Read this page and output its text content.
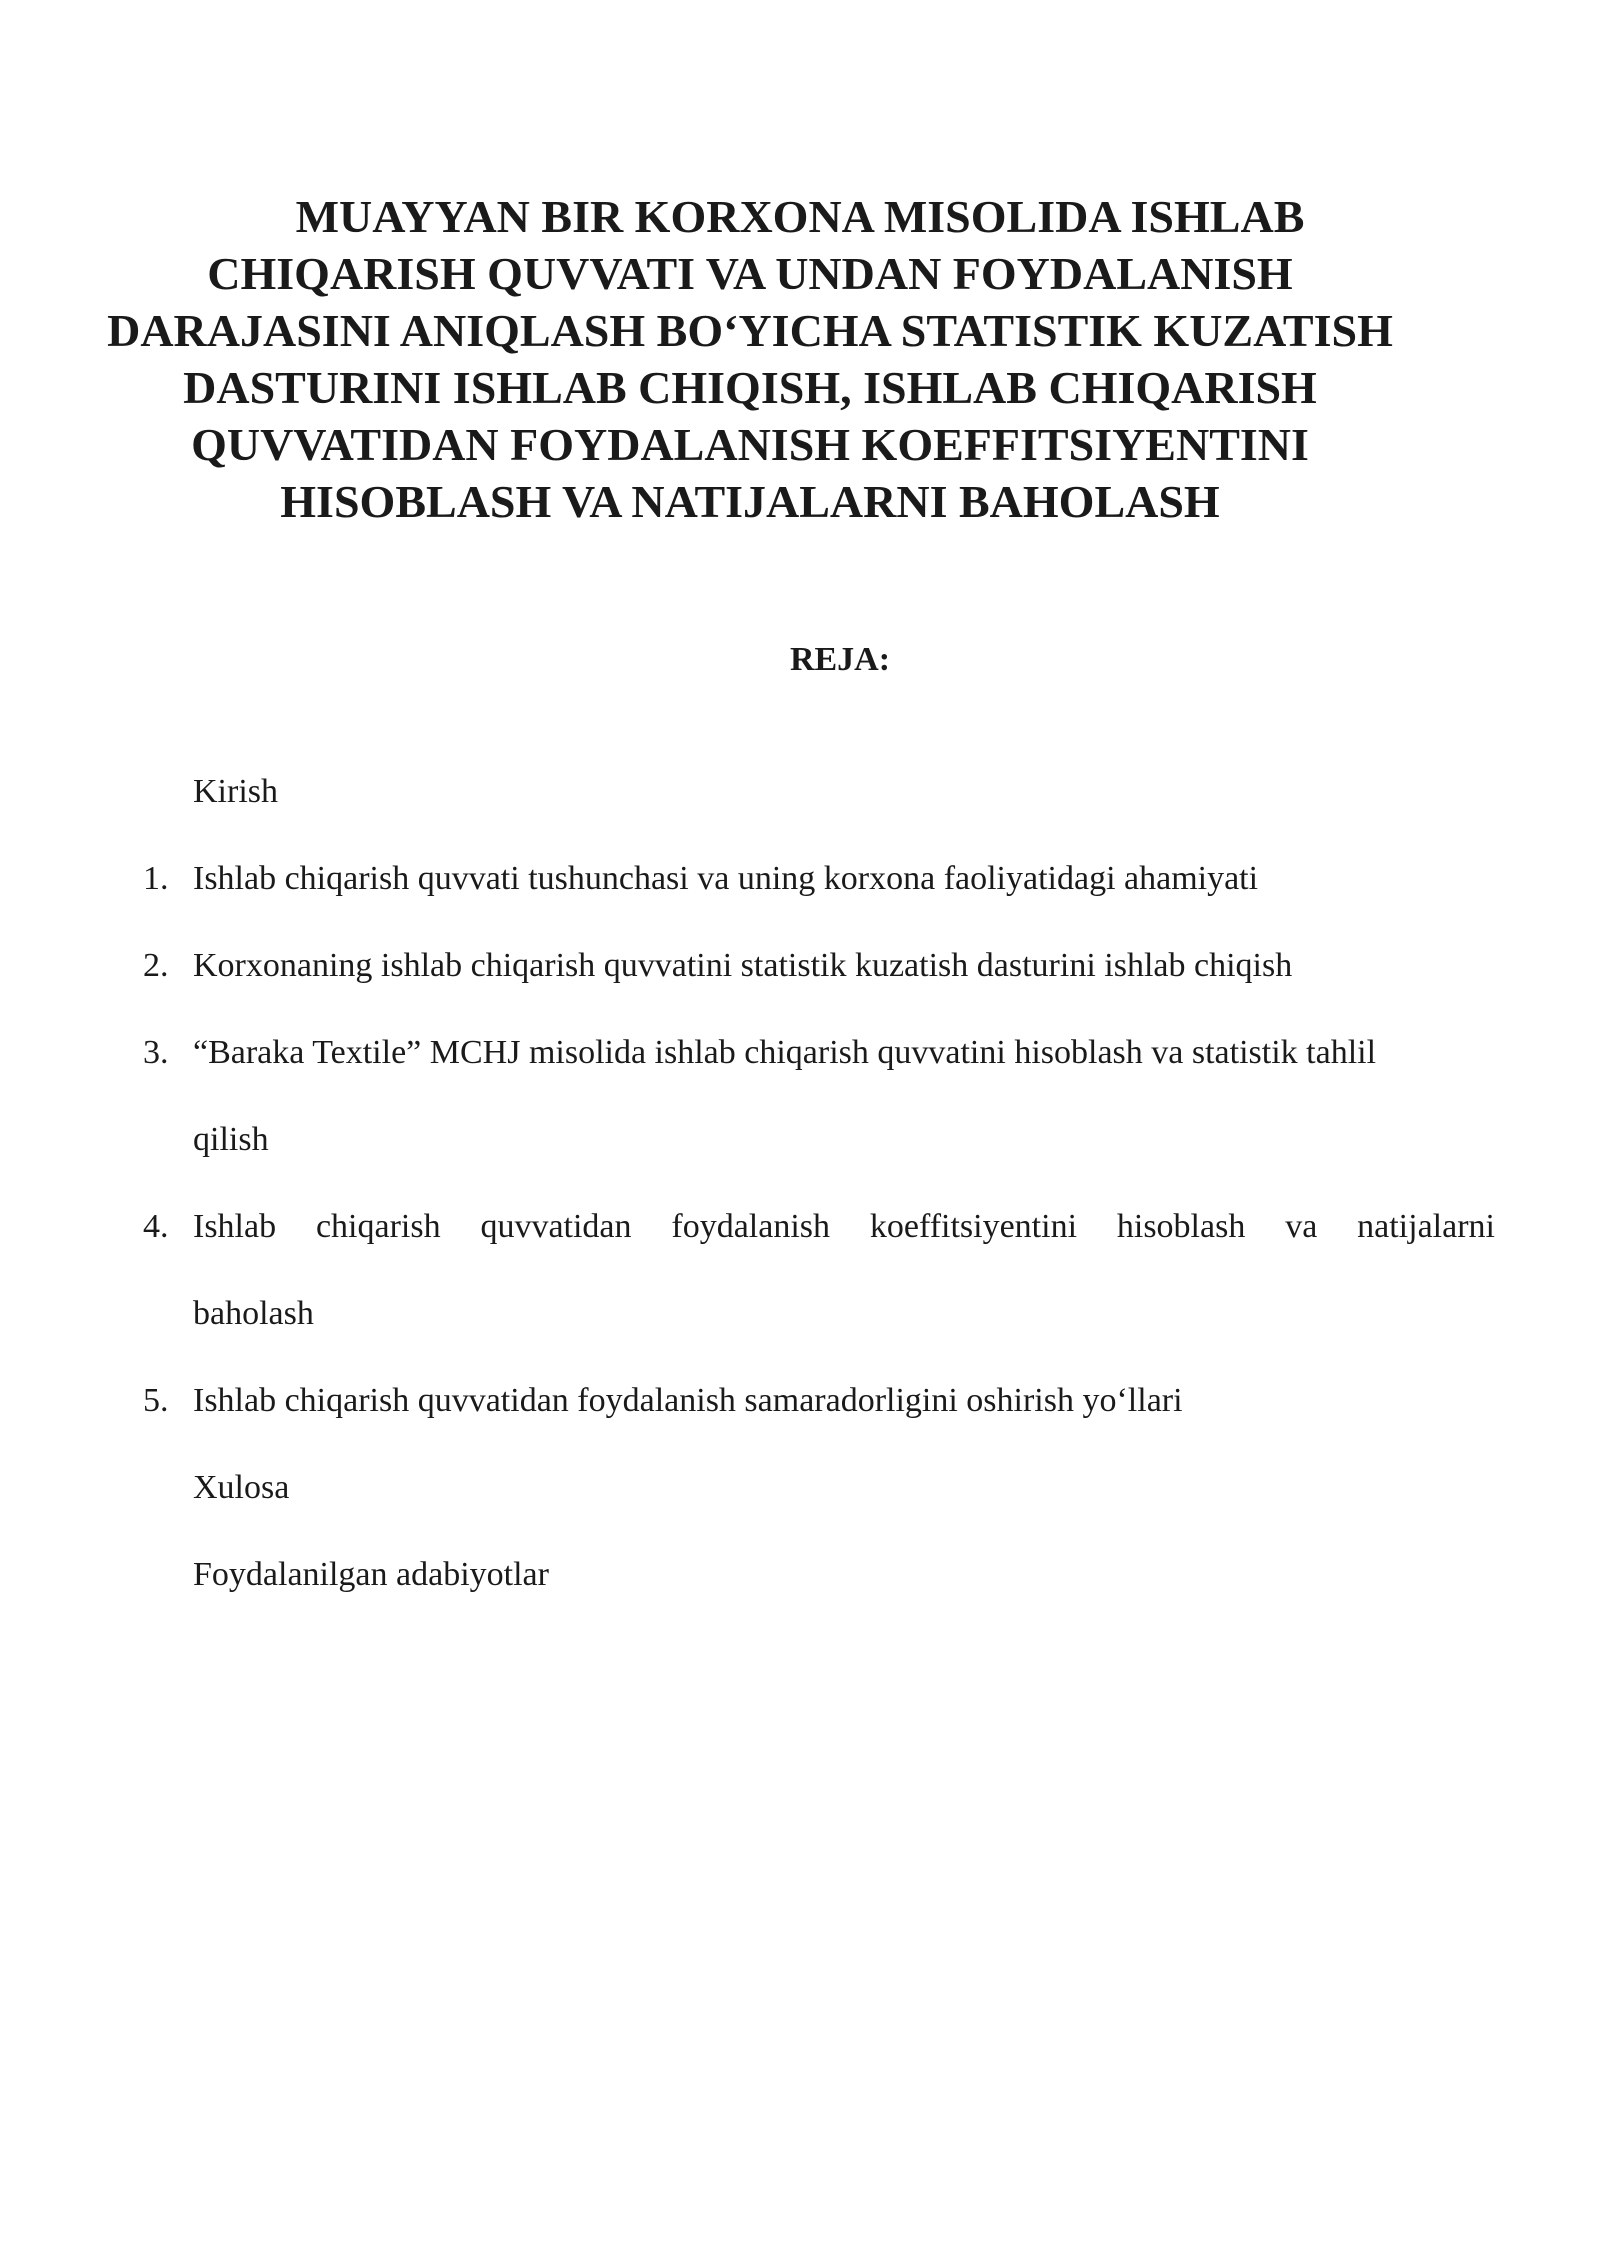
MUAYYAN BIR KORXONA MISOLIDA ISHLAB
CHIQARISH QUVVATI VA UNDAN FOYDALANISH
DARAJASINI ANIQLASH BO‘YICHA STATISTIK KUZATISH
DASTURINI ISHLAB CHIQISH, ISHLAB CHIQARISH
QUVVATIDAN FOYDALANISH KOEFFITSIYENTINI
HISOBLASH VA NATIJALARNI BAHOLASH
REJA:
Kirish
1. Ishlab chiqarish quvvati tushunchasi va uning korxona faoliyatidagi ahamiyati
2. Korxonaning ishlab chiqarish quvvatini statistik kuzatish dasturini ishlab chiqish
3. “Baraka Textile” MCHJ misolida ishlab chiqarish quvvatini hisoblash va statistik tahlil
qilish
4. Ishlab chiqarish quvvatidan foydalanish koeffitsiyentini hisoblash va natijalarni
baholash
5. Ishlab chiqarish quvvatidan foydalanish samaradorligini oshirish yo‘llari
Xulosa
Foydalanilgan adabiyotlar
